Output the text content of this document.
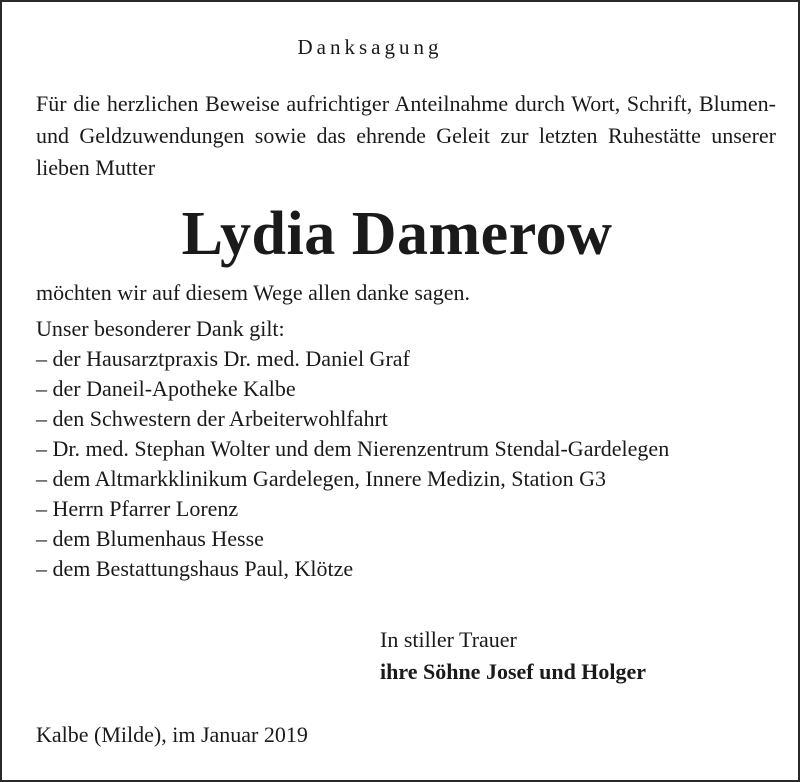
Danksagung
Für die herzlichen Beweise aufrichtiger Anteilnahme durch Wort, Schrift, Blumen- und Geldzuwendungen sowie das ehrende Geleit zur letzten Ruhestätte unserer lieben Mutter
Lydia Damerow
möchten wir auf diesem Wege allen danke sagen.
Unser besonderer Dank gilt:
– der Hausarztpraxis Dr. med. Daniel Graf
– der Daneil-Apotheke Kalbe
– den Schwestern der Arbeiterwohlfahrt
– Dr. med. Stephan Wolter und dem Nierenzentrum Stendal-Gardelegen
– dem Altmarkklinikum Gardelegen, Innere Medizin, Station G3
– Herrn Pfarrer Lorenz
– dem Blumenhaus Hesse
– dem Bestattungshaus Paul, Klötze
In stiller Trauer
ihre Söhne Josef und Holger
Kalbe (Milde), im Januar 2019
